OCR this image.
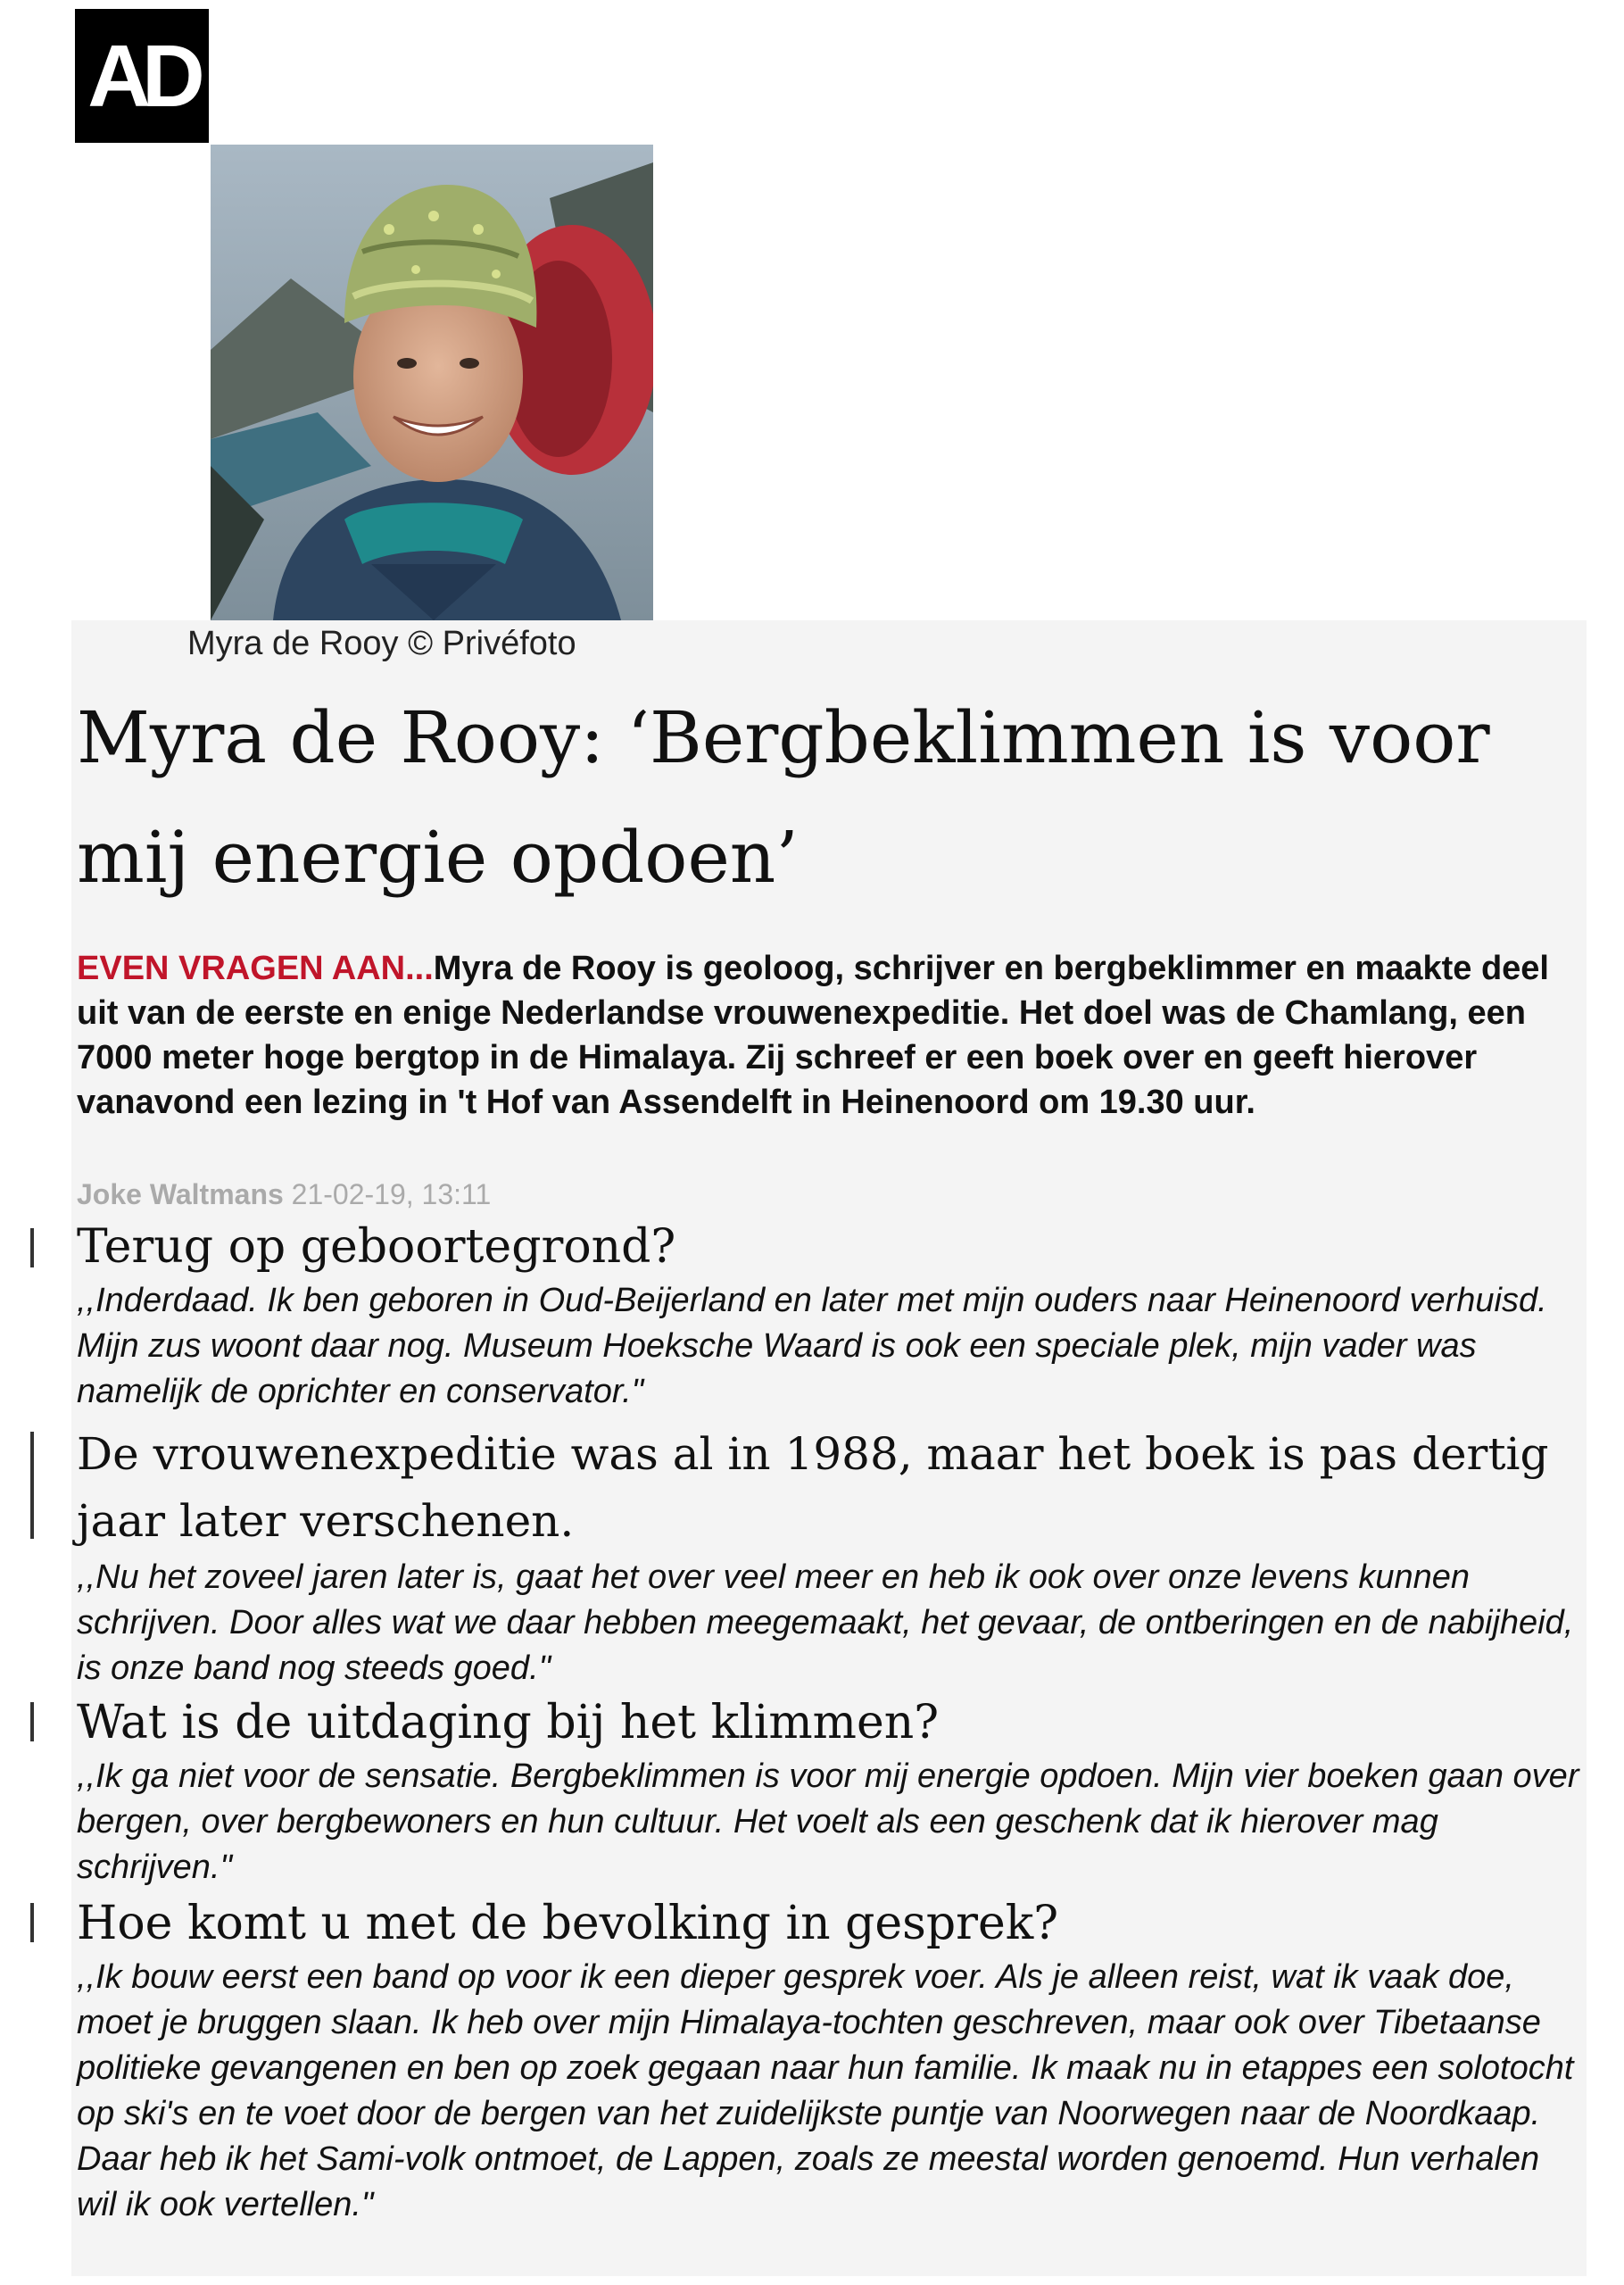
AD
Myra de Rooy © Privéfoto
Myra de Rooy: ‘Bergbeklimmen is voor mij energie opdoen’

EVEN VRAGEN AAN...Myra de Rooy is geoloog, schrijver en bergbeklimmer en maakte deel uit van de eerste en enige Nederlandse vrouwenexpeditie. Het doel was de Chamlang, een 7000 meter hoge bergtop in de Himalaya. Zij schreef er een boek over en geeft hierover vanavond een lezing in 't Hof van Assendelft in Heinenoord om 19.30 uur.

Joke Waltmans 21-02-19, 13:11
Terug op geboortegrond?

,,Inderdaad. Ik ben geboren in Oud-Beijerland en later met mijn ouders naar Heinenoord verhuisd. Mijn zus woont daar nog. Museum Hoeksche Waard is ook een speciale plek, mijn vader was namelijk de oprichter en conservator."

De vrouwenexpeditie was al in 1988, maar het boek is pas dertig jaar later verschenen.

,,Nu het zoveel jaren later is, gaat het over veel meer en heb ik ook over onze levens kunnen schrijven. Door alles wat we daar hebben meegemaakt, het gevaar, de ontberingen en de nabijheid, is onze band nog steeds goed."

Wat is de uitdaging bij het klimmen?

,,Ik ga niet voor de sensatie. Bergbeklimmen is voor mij energie opdoen. Mijn vier boeken gaan over bergen, over bergbewoners en hun cultuur. Het voelt als een geschenk dat ik hierover mag schrijven."

Hoe komt u met de bevolking in gesprek?

,,Ik bouw eerst een band op voor ik een dieper gesprek voer. Als je alleen reist, wat ik vaak doe, moet je bruggen slaan. Ik heb over mijn Himalaya-tochten geschreven, maar ook over Tibetaanse politieke gevangenen en ben op zoek gegaan naar hun familie. Ik maak nu in etappes een solotocht op ski's en te voet door de bergen van het zuidelijkste puntje van Noorwegen naar de Noordkaap. Daar heb ik het Sami-volk ontmoet, de Lappen, zoals ze meestal worden genoemd. Hun verhalen wil ik ook vertellen."
